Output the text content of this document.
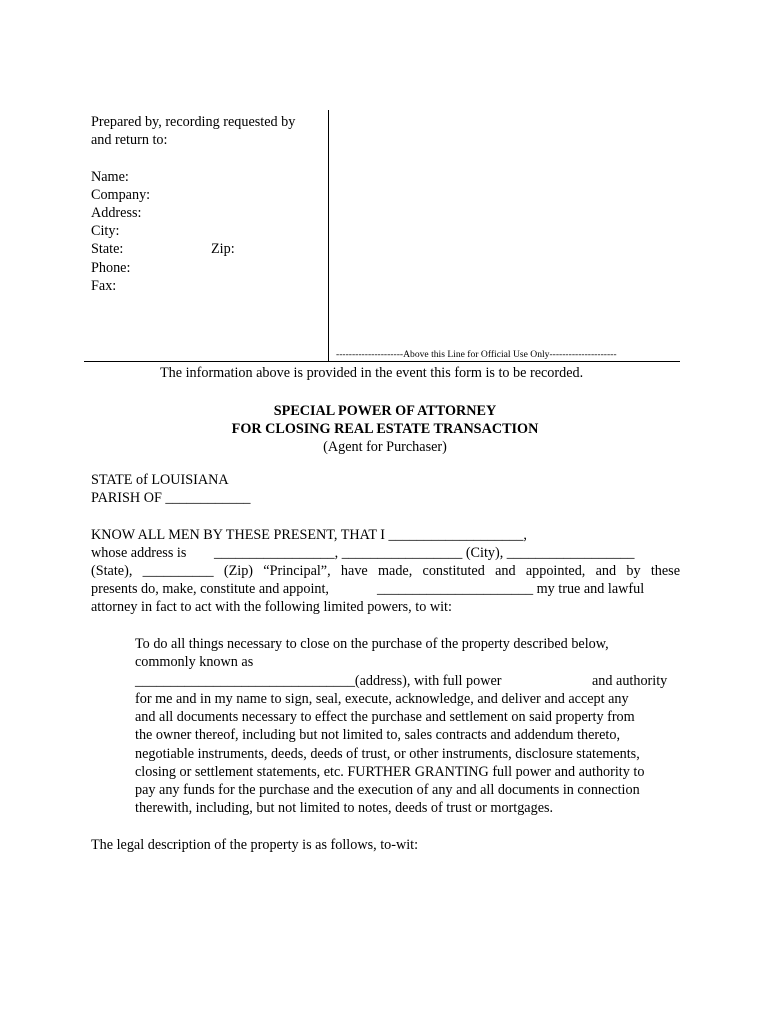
Prepared by, recording requested by
and return to:
Name:
Company:
Address:
City:
State:	Zip:
Phone:
Fax:
---------------------Above this Line for Official Use Only---------------------
The information above is provided in the event this form is to be recorded.
SPECIAL POWER OF ATTORNEY
FOR CLOSING REAL ESTATE TRANSACTION
(Agent for Purchaser)
STATE of LOUISIANA
PARISH OF ____________
KNOW ALL MEN BY THESE PRESENT, THAT I ___________________,
whose address is _________________, _________________ (City), __________________
(State), __________ (Zip) “Principal”, have made, constituted and appointed, and by these
presents do, make, constitute and appoint,	______________________ my true and lawful
attorney in fact to act with the following limited powers, to wit:
To do all things necessary to close on the purchase of the property described below,
commonly known as
_______________________________(address), with full power	and authority
for me and in my name to sign, seal, execute, acknowledge, and deliver and accept any
and all documents necessary to effect the purchase and settlement on said property from
the owner thereof, including but not limited to, sales contracts and addendum thereto,
negotiable instruments, deeds, deeds of trust, or other instruments, disclosure statements,
closing or settlement statements, etc. FURTHER GRANTING full power and authority to
pay any funds for the purchase and the execution of any and all documents in connection
therewith, including, but not limited to notes, deeds of trust or mortgages.
The legal description of the property is as follows, to-wit:
